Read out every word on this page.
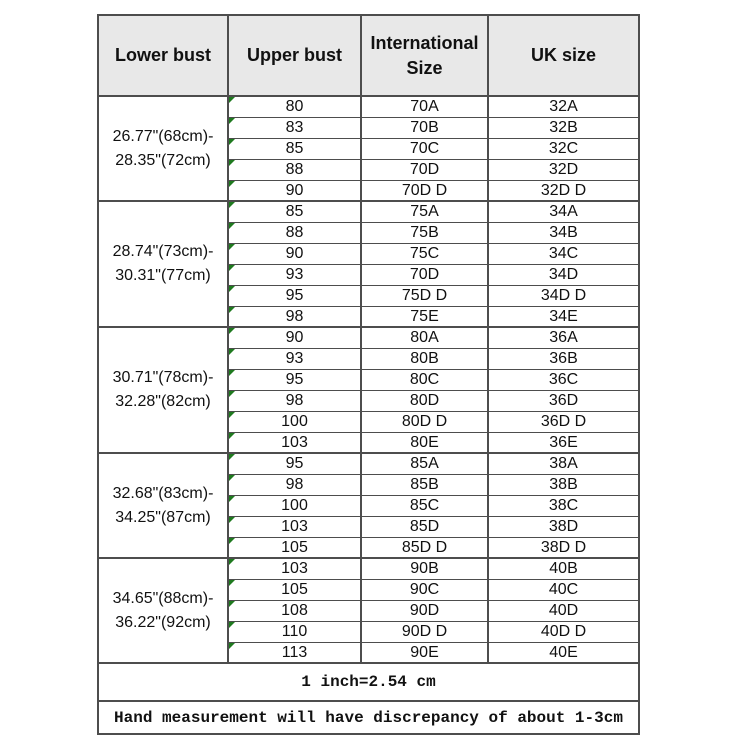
Lower bust	Upper bust	International Size	UK size
26.77"(68cm)-
28.35"(72cm)	80	70A	32A

83	70B	32B

85	70C	32C

88	70D	32D

90	70D D	32D D
28.74"(73cm)-
30.31"(77cm)	85	75A	34A

88	75B	34B

90	75C	34C

93	70D	34D

95	75D D	34D D

98	75E	34E
30.71"(78cm)-
32.28"(82cm)	90	80A	36A

93	80B	36B

95	80C	36C

98	80D	36D

100	80D D	36D D

103	80E	36E
32.68"(83cm)-
34.25"(87cm)	95	85A	38A

98	85B	38B

100	85C	38C

103	85D	38D

105	85D D	38D D
34.65"(88cm)-
36.22"(92cm)	103	90B	40B

105	90C	40C

108	90D	40D

110	90D D	40D D

113	90E	40E
1 inch=2.54 cm			
Hand measurement will have discrepancy of about 1-3cm			
